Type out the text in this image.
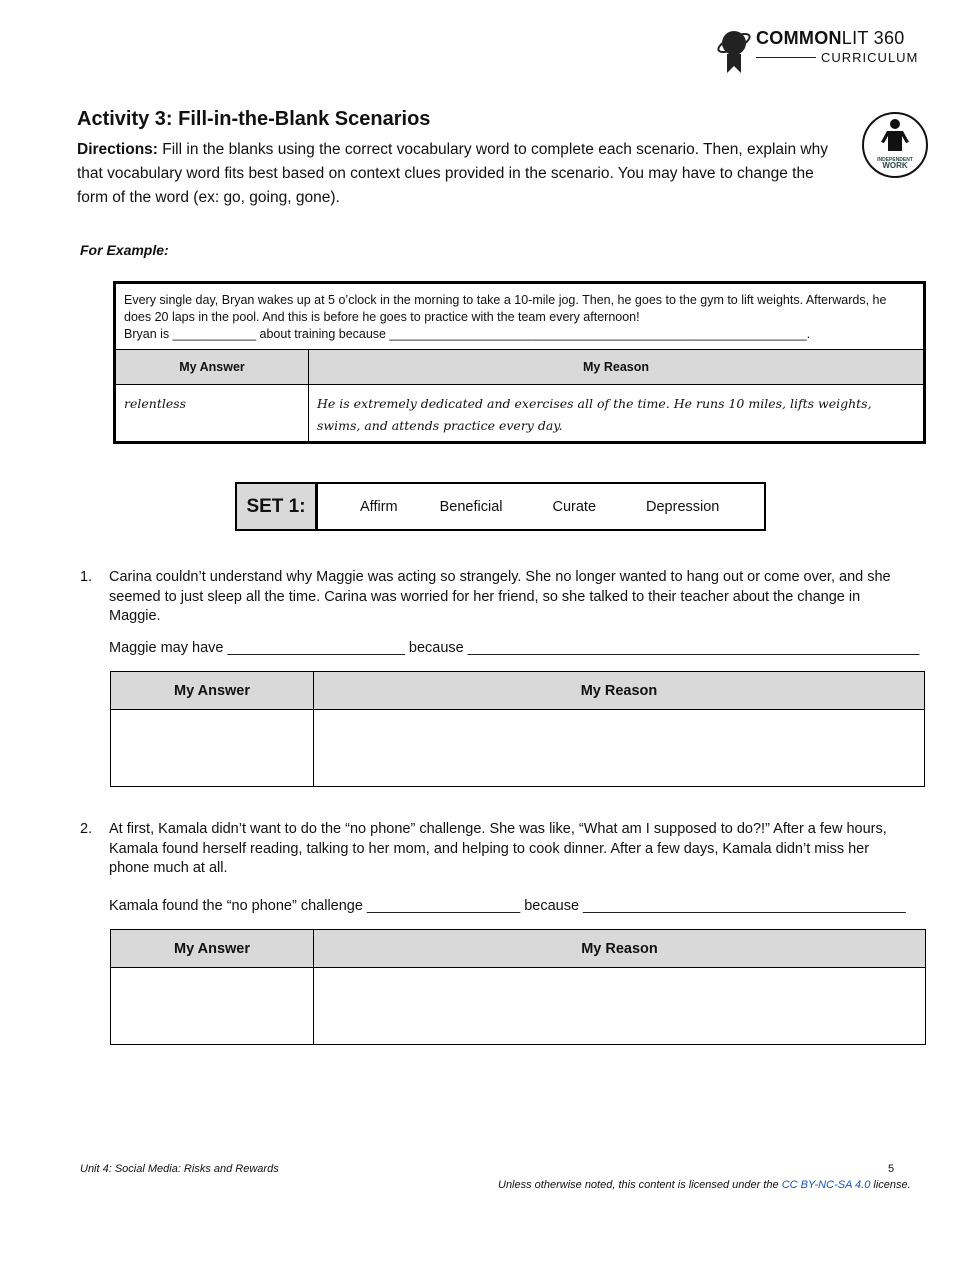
COMMONLIT 360
CURRICULUM
INDEPENDENT
WORK
Activity 3: Fill-in-the-Blank Scenarios
Directions: Fill in the blanks using the correct vocabulary word to complete each scenario. Then, explain why that vocabulary word fits best based on context clues provided in the scenario. You may have to change the form of the word (ex: go, going, gone).
For Example:
Every single day, Bryan wakes up at 5 o’clock in the morning to take a 10-mile jog. Then, he goes to the gym to lift weights. Afterwards, he does 20 laps in the pool. And this is before he goes to practice with the team every afternoon!
Bryan is ____________ about training because ____________________________________________________________.	
My Answer	My Reason
relentless	He is extremely dedicated and exercises all of the time. He runs 10 miles, lifts weights, swims, and attends practice every day.
SET 1:	Affirm	Beneficial	Curate	Depression
1.	Carina couldn’t understand why Maggie was acting so strangely. She no longer wanted to hang out or come over, and she seemed to just sleep all the time. Carina was worried for her friend, so she talked to their teacher about the change in Maggie.
Maggie may have ______________________ because ________________________________________________________
My Answer	My Reason

2.	At first, Kamala didn’t want to do the “no phone” challenge. She was like, “What am I supposed to do?!” After a few hours, Kamala found herself reading, talking to her mom, and helping to cook dinner. After a few days, Kamala didn’t miss her phone much at all.
Kamala found the “no phone” challenge ___________________ because ________________________________________
My Answer	My Reason

Unit 4: Social Media: Risks and Rewards	5
Unless otherwise noted, this content is licensed under the CC BY-NC-SA 4.0 license.
